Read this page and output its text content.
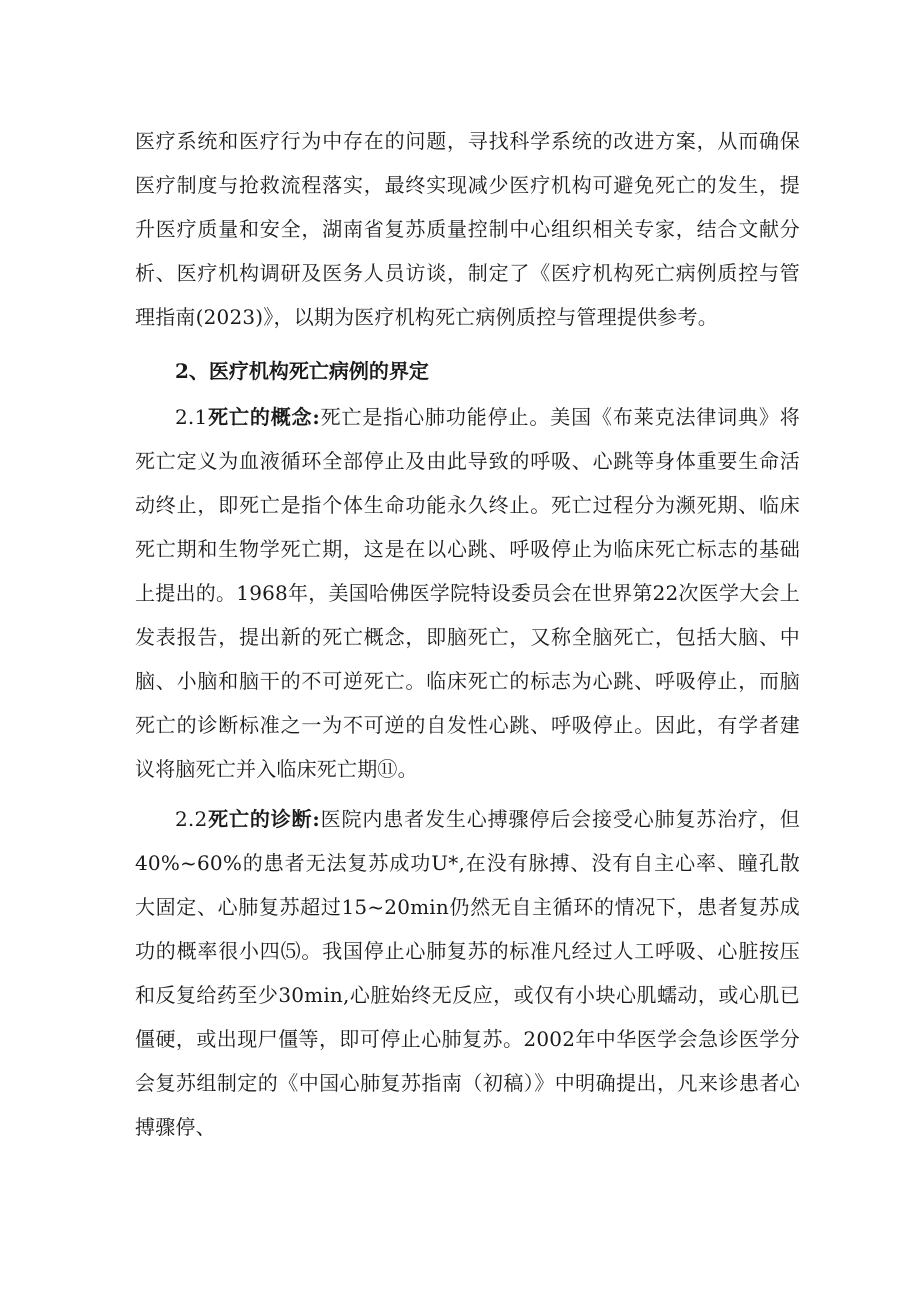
医疗系统和医疗行为中存在的问题，寻找科学系统的改进方案，从而确保医疗制度与抢救流程落实，最终实现减少医疗机构可避免死亡的发生，提升医疗质量和安全，湖南省复苏质量控制中心组织相关专家，结合文献分析、医疗机构调研及医务人员访谈，制定了《医疗机构死亡病例质控与管理指南(2023)》，以期为医疗机构死亡病例质控与管理提供参考。

2、医疗机构死亡病例的界定

2.1死亡的概念:死亡是指心肺功能停止。美国《布莱克法律词典》将死亡定义为血液循环全部停止及由此导致的呼吸、心跳等身体重要生命活动终止，即死亡是指个体生命功能永久终止。死亡过程分为濒死期、临床死亡期和生物学死亡期，这是在以心跳、呼吸停止为临床死亡标志的基础上提出的。1968年，美国哈佛医学院特设委员会在世界第22次医学大会上发表报告，提出新的死亡概念，即脑死亡，又称全脑死亡，包括大脑、中脑、小脑和脑干的不可逆死亡。临床死亡的标志为心跳、呼吸停止，而脑死亡的诊断标准之一为不可逆的自发性心跳、呼吸停止。因此，有学者建议将脑死亡并入临床死亡期⑪。

2.2死亡的诊断:医院内患者发生心搏骤停后会接受心肺复苏治疗，但40%~60%的患者无法复苏成功U*,在没有脉搏、没有自主心率、瞳孔散大固定、心肺复苏超过15~20min仍然无自主循环的情况下，患者复苏成功的概率很小四⑸。我国停止心肺复苏的标准凡经过人工呼吸、心脏按压和反复给药至少30min,心脏始终无反应，或仅有小块心肌蠕动，或心肌已僵硬，或出现尸僵等，即可停止心肺复苏。2002年中华医学会急诊医学分会复苏组制定的《中国心肺复苏指南（初稿）》中明确提出，凡来诊患者心搏骤停、
